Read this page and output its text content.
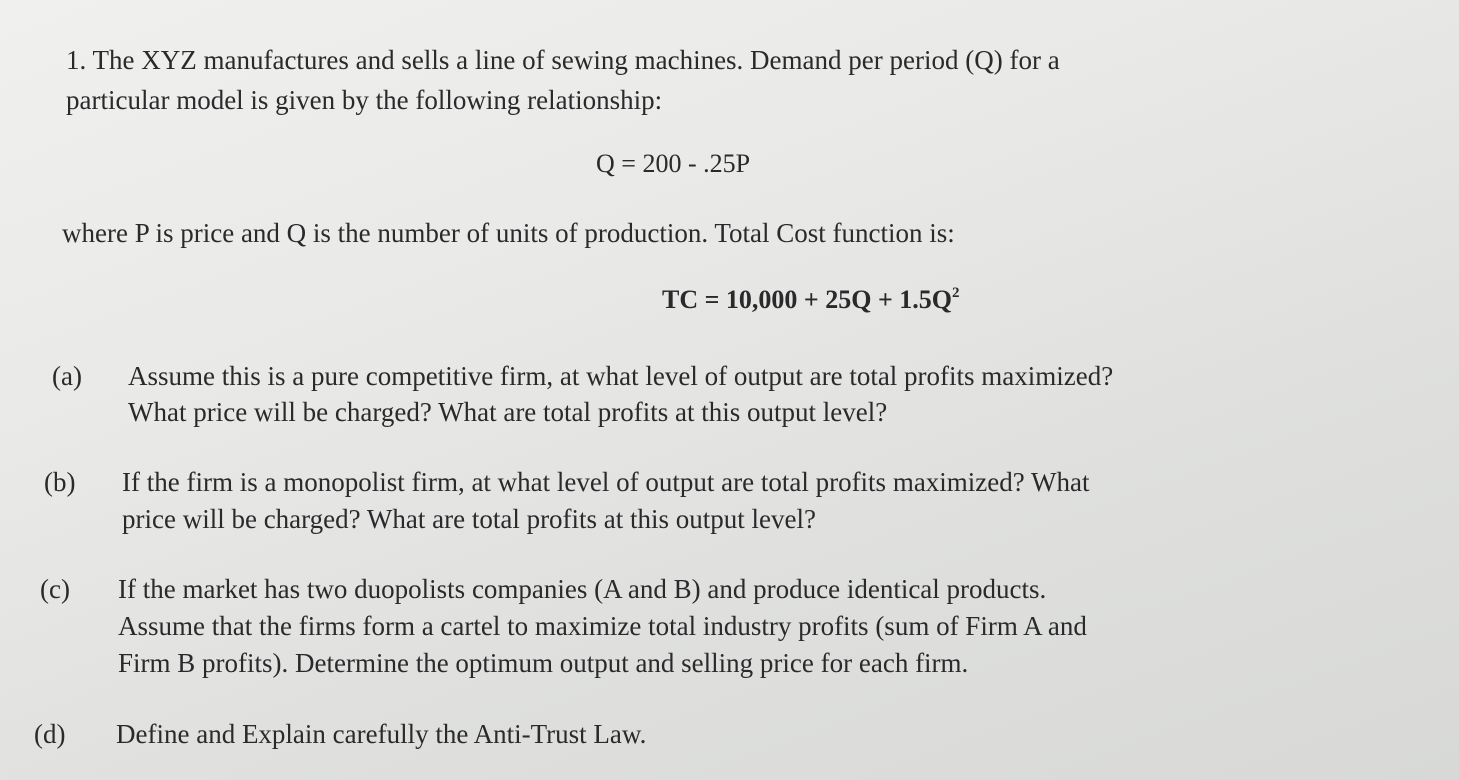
1. The XYZ manufactures and sells a line of sewing machines. Demand per period (Q) for a
particular model is given by the following relationship:
Q = 200 - .25P
where P is price and Q is the number of units of production. Total Cost function is:
TC = $10,000 + 25Q + 1.5Q^2$
(a) Assume this is a pure competitive firm, at what level of output are total profits maximized?
What price will be charged? What are total profits at this output level?
(b) If the firm is a monopolist firm, at what level of output are total profits maximized? What
price will be charged? What are total profits at this output level?
(c) If the market has two duopolists companies (A and B) and produce identical products.
Assume that the firms form a cartel to maximize total industry profits (sum of Firm A and
Firm B profits). Determine the optimum output and selling price for each firm.
(d) Define and Explain carefully the Anti-Trust Law.
